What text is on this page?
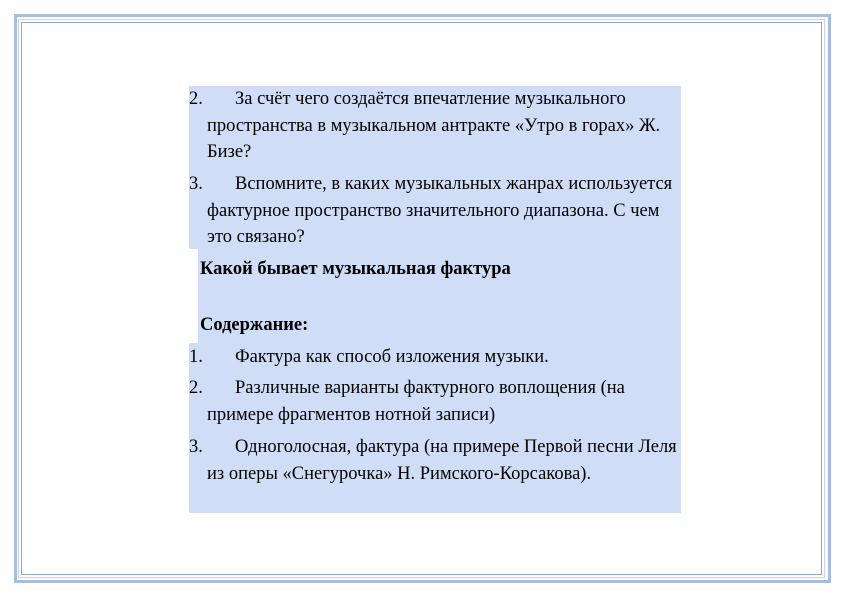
2.	За счёт чего создаётся впечатление музыкального пространства в музыкальном антракте «Утро в горах» Ж. Бизе?
3.	Вспомните, в каких музыкальных жанрах используется фактурное пространство значительного диапазона. С чем это связано?
Какой бывает музыкальная фактура
Содержание:
1.	Фактура как способ изложения музыки.
2.	Различные варианты фактурного воплощения (на примере фрагментов нотной записи)
3.	Одноголосная, фактура (на примере Первой песни Леля из оперы «Снегурочка» Н. Римского-Корсакова).
